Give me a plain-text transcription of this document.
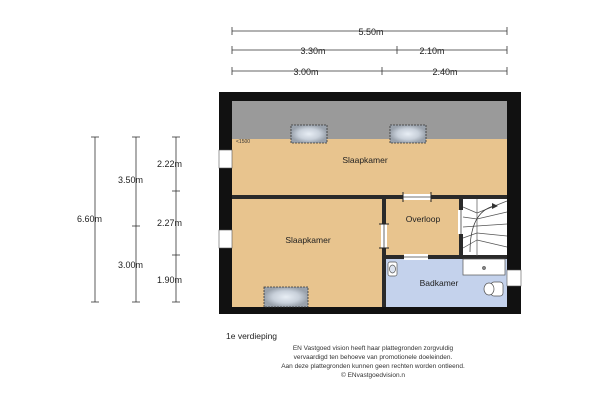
5.50m
3.30m	2.10m
3.00m	2.40m
6.60m
3.50m
3.00m
2.22m
2.27m
1.90m
Slaapkamer
Slaapkamer
Overloop
Badkamer
<1500
1e verdieping
EN Vastgoed vision heeft haar plattegronden zorgvuldig
vervaardigd ten behoeve van promotionele doeleinden.
Aan deze plattegronden kunnen geen rechten worden ontleend.
© ENvastgoedvision.n
